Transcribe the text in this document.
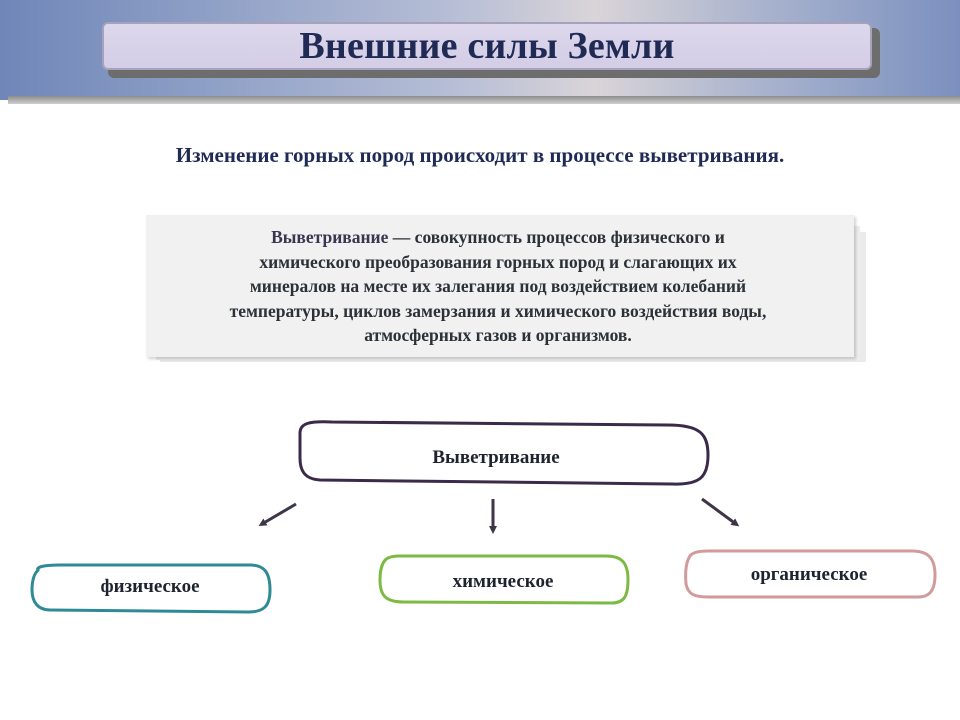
Внешние силы Земли
Изменение горных пород происходит в процессе выветривания.
Выветривание — совокупность процессов физического и
химического преобразования горных пород и слагающих их
минералов на месте их залегания под воздействием колебаний
температуры, циклов замерзания и химического воздействия воды,
атмосферных газов и организмов.
Выветривание
физическое	химическое	органическое
